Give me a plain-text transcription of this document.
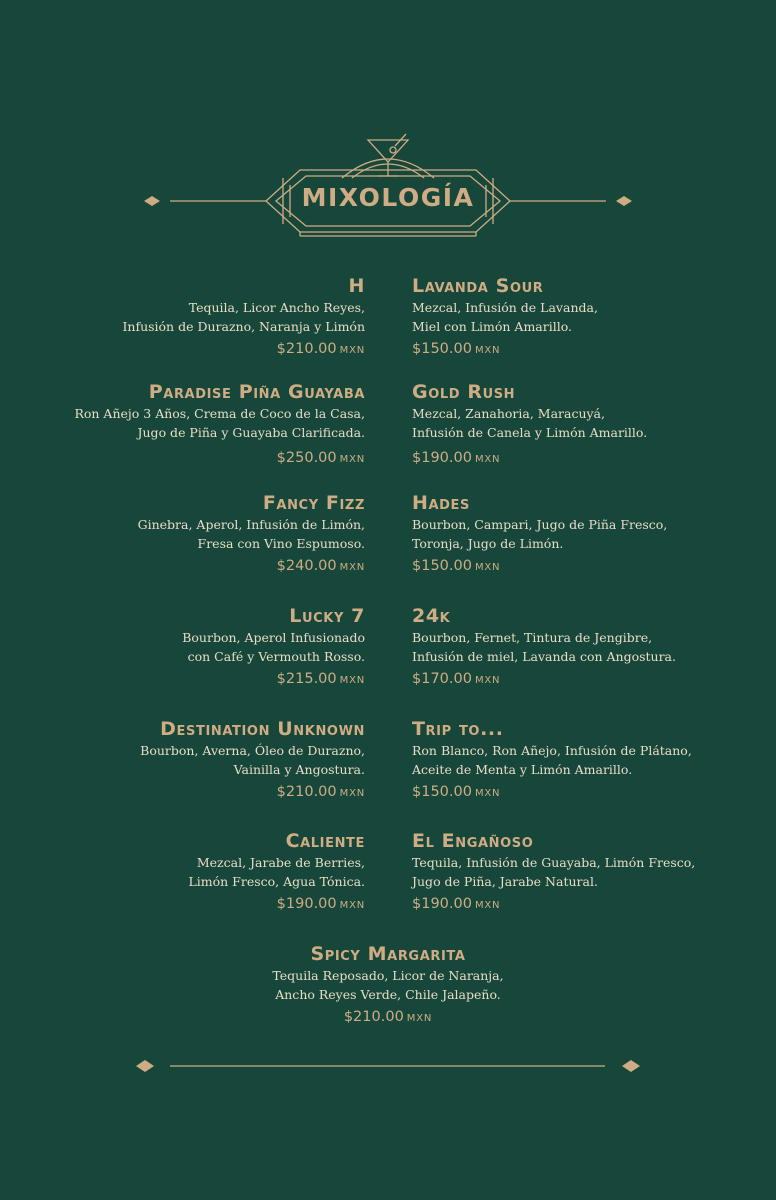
MIXOLOGÍA
H
Tequila, Licor Ancho Reyes,
Infusión de Durazno, Naranja y Limón
$210.00 mxn
Paradise Piña Guayaba
Ron Añejo 3 Años, Crema de Coco de la Casa,
Jugo de Piña y Guayaba Clarificada.
$250.00 mxn
Fancy Fizz
Ginebra, Aperol, Infusión de Limón,
Fresa con Vino Espumoso.
$240.00 mxn
Lucky 7
Bourbon, Aperol Infusionado
con Café y Vermouth Rosso.
$215.00 mxn
Destination Unknown
Bourbon, Averna, Óleo de Durazno,
Vainilla y Angostura.
$210.00 mxn
Caliente
Mezcal, Jarabe de Berries,
Limón Fresco, Agua Tónica.
$190.00 mxn
Lavanda Sour
Mezcal, Infusión de Lavanda,
Miel con Limón Amarillo.
$150.00 mxn
Gold Rush
Mezcal, Zanahoria, Maracuyá,
Infusión de Canela y Limón Amarillo.
$190.00 mxn
Hades
Bourbon, Campari, Jugo de Piña Fresco,
Toronja, Jugo de Limón.
$150.00 mxn
24k
Bourbon, Fernet, Tintura de Jengibre,
Infusión de miel, Lavanda con Angostura.
$170.00 mxn
Trip to...
Ron Blanco, Ron Añejo, Infusión de Plátano,
Aceite de Menta y Limón Amarillo.
$150.00 mxn
El Engañoso
Tequila, Infusión de Guayaba, Limón Fresco,
Jugo de Piña, Jarabe Natural.
$190.00 mxn
Spicy Margarita
Tequila Reposado, Licor de Naranja,
Ancho Reyes Verde, Chile Jalapeño.
$210.00 mxn
